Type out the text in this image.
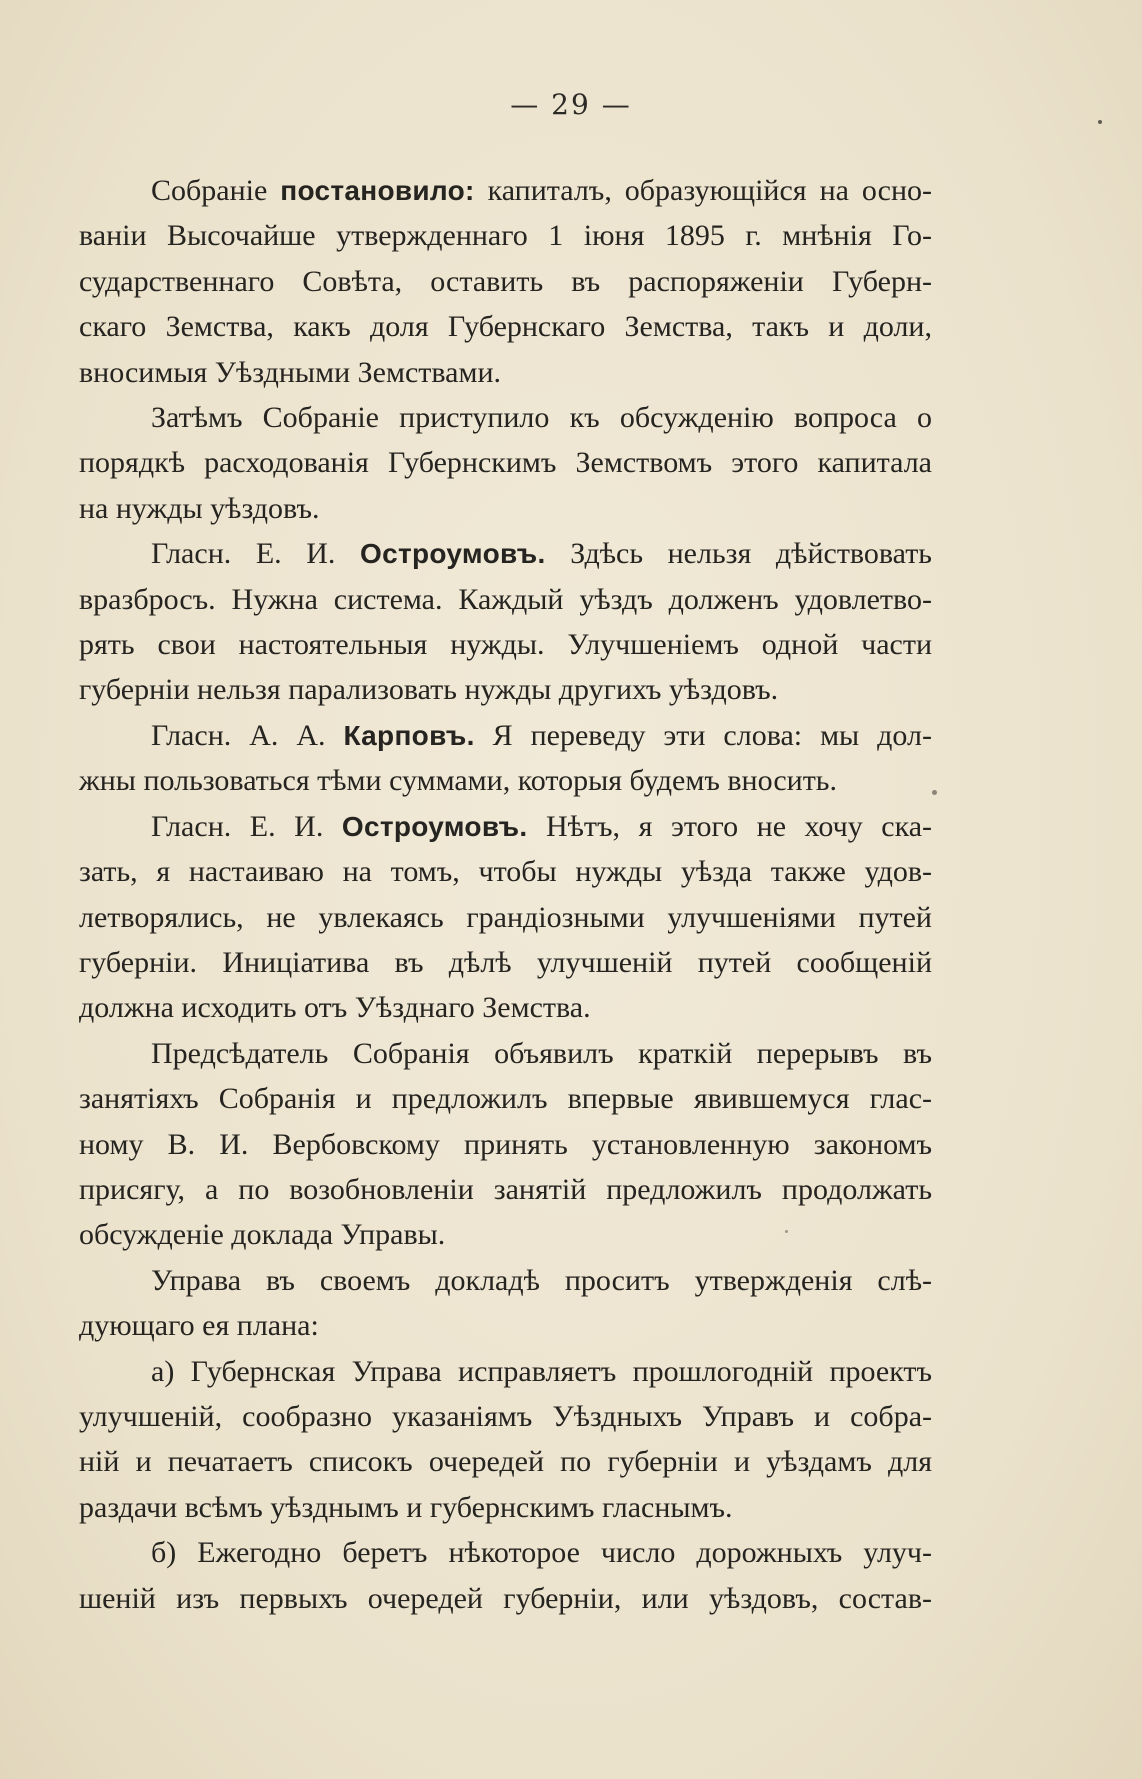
— 29 —
Собраніе постановило: капиталъ, образующійся на осно-
ваніи Высочайше утвержденнаго 1 іюня 1895 г. мнѣнія Го-
сударственнаго Совѣта, оставить въ распоряженіи Губерн-
скаго Земства, какъ доля Губернскаго Земства, такъ и доли,
вносимыя Уѣздными Земствами.
Затѣмъ Собраніе приступило къ обсужденію вопроса о
порядкѣ расходованія Губернскимъ Земствомъ этого капитала
на нужды уѣздовъ.
Гласн. Е. И. Остроумовъ. Здѣсь нельзя дѣйствовать
вразбросъ. Нужна система. Каждый уѣздъ долженъ удовлетво-
рять свои настоятельныя нужды. Улучшеніемъ одной части
губерніи нельзя парализовать нужды другихъ уѣздовъ.
Гласн. А. А. Карповъ. Я переведу эти слова: мы дол-
жны пользоваться тѣми суммами, которыя будемъ вносить.
Гласн. Е. И. Остроумовъ. Нѣтъ, я этого не хочу ска-
зать, я настаиваю на томъ, чтобы нужды уѣзда также удов-
летворялись, не увлекаясь грандіозными улучшеніями путей
губерніи. Иниціатива въ дѣлѣ улучшеній путей сообщеній
должна исходить отъ Уѣзднаго Земства.
Предсѣдатель Собранія объявилъ краткій перерывъ въ
занятіяхъ Собранія и предложилъ впервые явившемуся глас-
ному В. И. Вербовскому принять установленную закономъ
присягу, а по возобновленіи занятій предложилъ продолжать
обсужденіе доклада Управы.
Управа въ своемъ докладѣ проситъ утвержденія слѣ-
дующаго ея плана:
а) Губернская Управа исправляетъ прошлогодній проектъ
улучшеній, сообразно указаніямъ Уѣздныхъ Управъ и собра-
ній и печатаетъ списокъ очередей по губерніи и уѣздамъ для
раздачи всѣмъ уѣзднымъ и губернскимъ гласнымъ.
б) Ежегодно беретъ нѣкоторое число дорожныхъ улуч-
шеній изъ первыхъ очередей губерніи, или уѣздовъ, состав-
